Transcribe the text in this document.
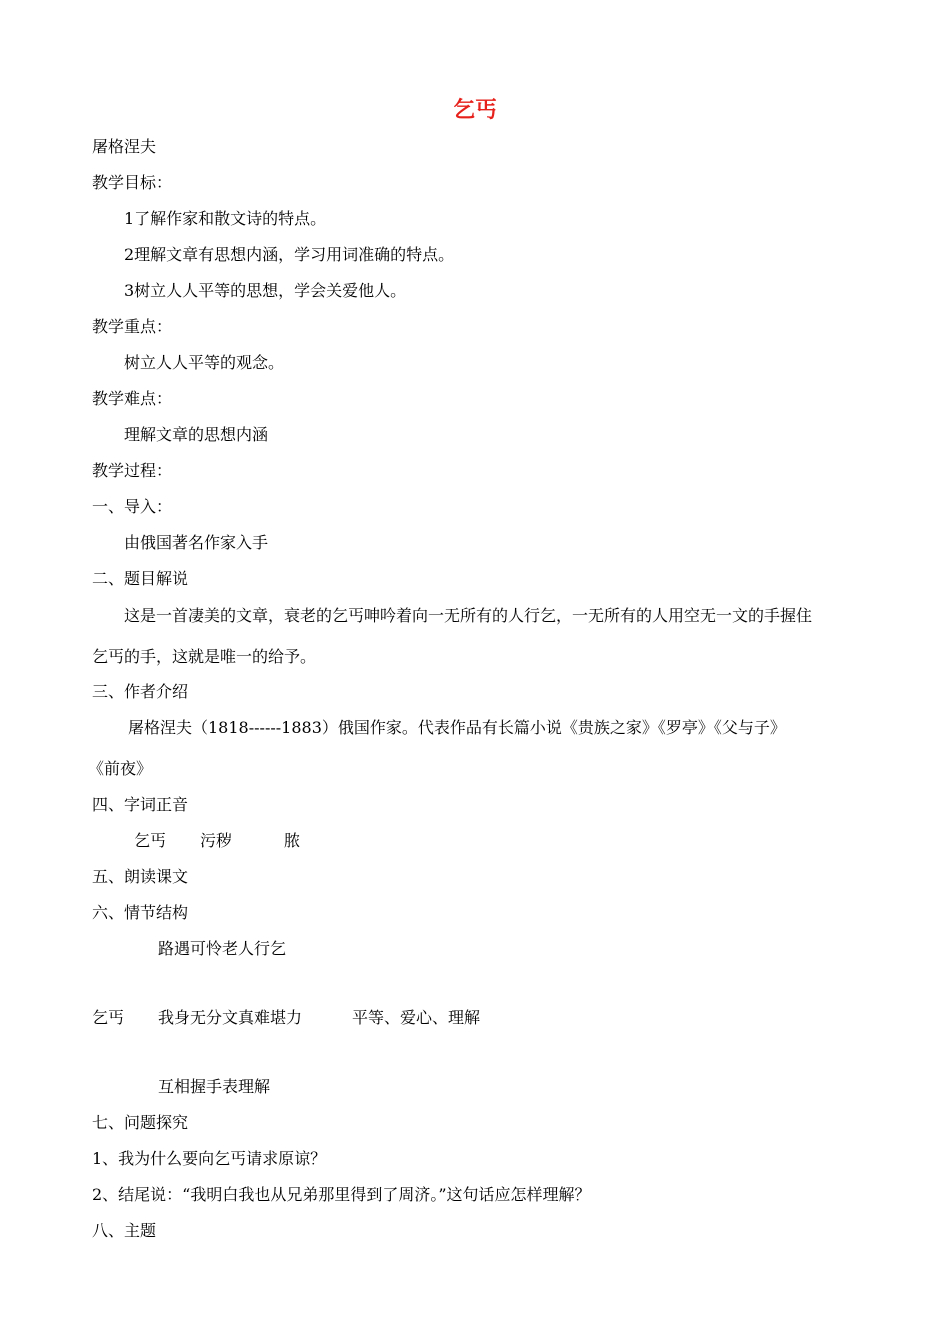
乞丐
屠格涅夫
教学目标：
1了解作家和散文诗的特点。
2理解文章有思想内涵，学习用词准确的特点。
3树立人人平等的思想，学会关爱他人。
教学重点：
树立人人平等的观念。
教学难点：
理解文章的思想内涵
教学过程：
一、导入：
由俄国著名作家入手
二、题目解说
这是一首凄美的文章，衰老的乞丐呻吟着向一无所有的人行乞，一无所有的人用空无一文的手握住
乞丐的手，这就是唯一的给予。
三、作者介绍
屠格涅夫（1818------1883）俄国作家。代表作品有长篇小说《贵族之家》《罗亭》《父与子》
《前夜》
四、字词正音
乞丐 污秽	脓
五、朗读课文
六、情节结构
路遇可怜老人行乞
乞丐 我身无分文真难堪力	平等、爱心、理解
互相握手表理解
七、问题探究
1、我为什么要向乞丐请求原谅？
2、结尾说：“我明白我也从兄弟那里得到了周济。”这句话应怎样理解？
八、主题
